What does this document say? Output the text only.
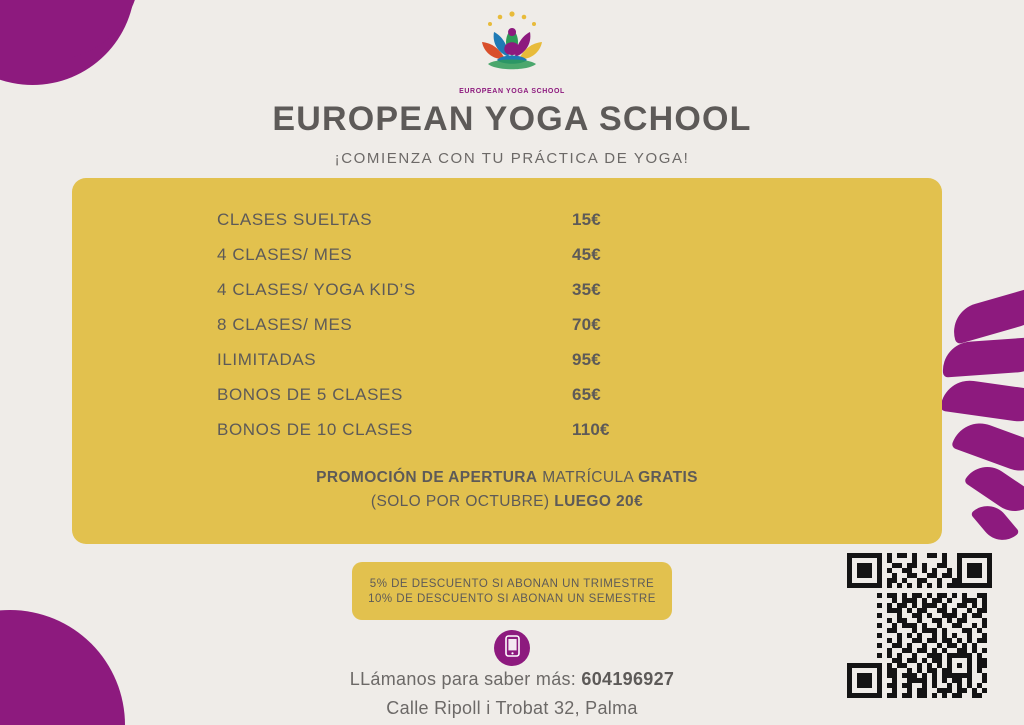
EUROPEAN YOGA SCHOOL
EUROPEAN YOGA SCHOOL
¡COMIENZA CON TU PRÁCTICA DE YOGA!
CLASES SUELTAS	15€
4 CLASES/ MES	45€
4 CLASES/ YOGA KID’S	35€
8 CLASES/ MES	70€
ILIMITADAS	95€
BONOS DE 5 CLASES	65€
BONOS DE 10 CLASES	110€
PROMOCIÓN DE APERTURA MATRÍCULA GRATIS
(SOLO POR OCTUBRE) LUEGO 20€
5% DE DESCUENTO SI ABONAN UN TRIMESTRE
10% DE DESCUENTO SI ABONAN UN SEMESTRE
LLámanos para saber más: 604196927
Calle Ripoll i Trobat 32, Palma
